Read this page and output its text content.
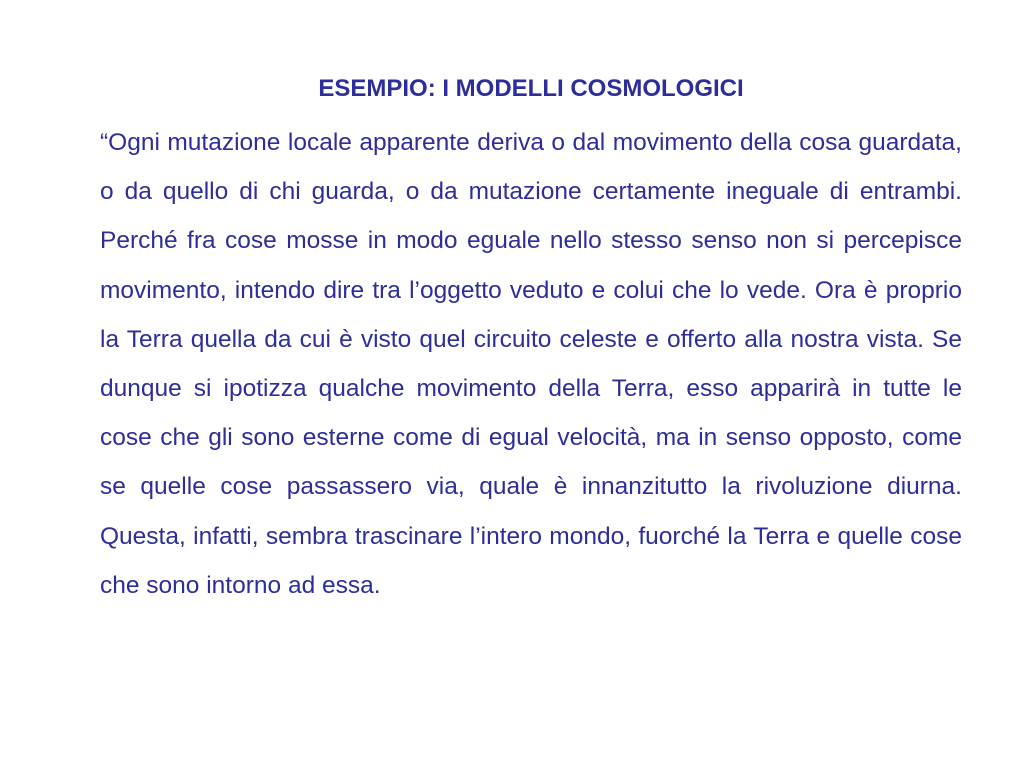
ESEMPIO: I MODELLI COSMOLOGICI

“Ogni mutazione locale apparente deriva o dal movimento della cosa guardata, o da quello di chi guarda, o da mutazione certamente ineguale di entrambi. Perché fra cose mosse in modo eguale nello stesso senso non si percepisce movimento, intendo dire tra l’oggetto veduto e colui che lo vede. Ora è proprio la Terra quella da cui è visto quel circuito celeste e offerto alla nostra vista. Se dunque si ipotizza qualche movimento della Terra, esso apparirà in tutte le cose che gli sono esterne come di egual velocità, ma in senso opposto, come se quelle cose passassero via, quale è innanzitutto la rivoluzione diurna. Questa, infatti, sembra trascinare l’intero mondo, fuorché la Terra e quelle cose che sono intorno ad essa.
